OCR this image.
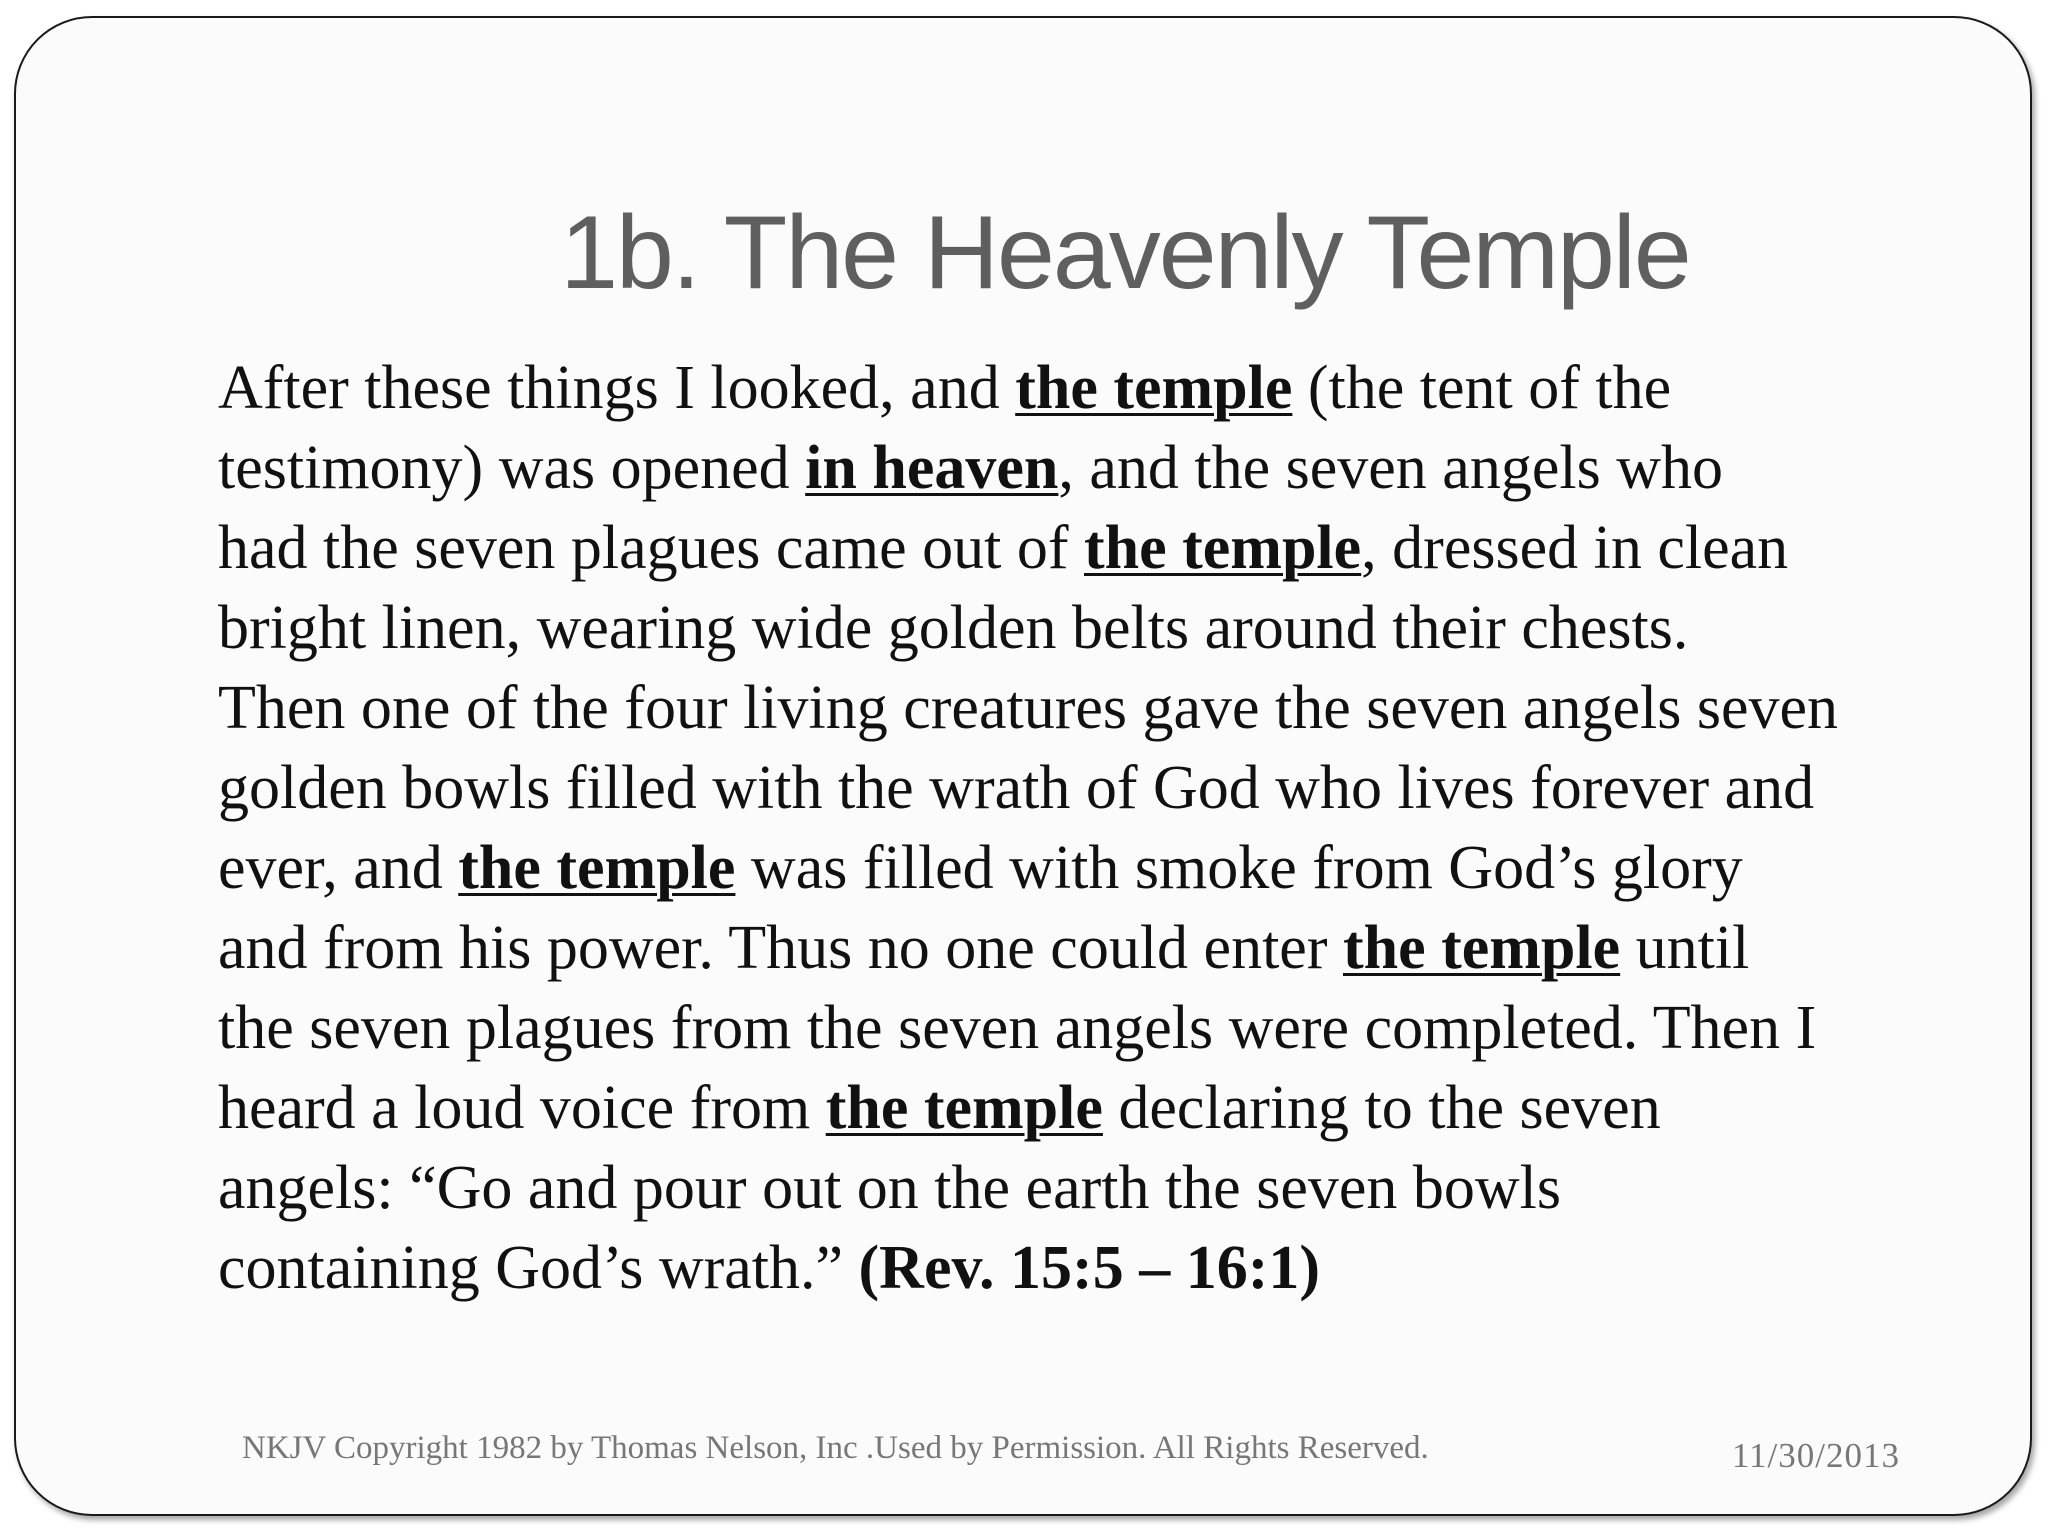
1b. The Heavenly Temple

After these things I looked, and the temple (the tent of the
testimony) was opened in heaven, and the seven angels who
had the seven plagues came out of the temple, dressed in clean
bright linen, wearing wide golden belts around their chests.
Then one of the four living creatures gave the seven angels seven
golden bowls filled with the wrath of God who lives forever and
ever, and the temple was filled with smoke from God’s glory
and from his power. Thus no one could enter the temple until
the seven plagues from the seven angels were completed. Then I
heard a loud voice from the temple declaring to the seven
angels: “Go and pour out on the earth the seven bowls
containing God’s wrath.” (Rev. 15:5 – 16:1)

NKJV Copyright 1982 by Thomas Nelson, Inc .Used by Permission. All Rights Reserved.	11/30/2013
